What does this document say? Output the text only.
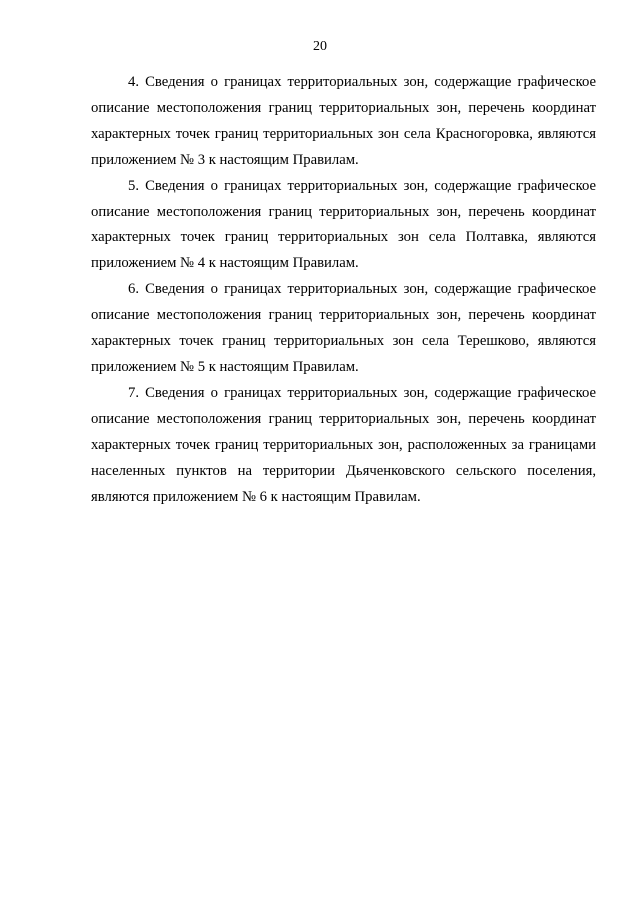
20

4. Сведения о границах территориальных зон, содержащие графическое описание местоположения границ территориальных зон, перечень координат характерных точек границ территориальных зон села Красногоровка, являются приложением № 3 к настоящим Правилам.

5. Сведения о границах территориальных зон, содержащие графическое описание местоположения границ территориальных зон, перечень координат характерных точек границ территориальных зон села Полтавка, являются приложением № 4 к настоящим Правилам.

6. Сведения о границах территориальных зон, содержащие графическое описание местоположения границ территориальных зон, перечень координат характерных точек границ территориальных зон села Терешково, являются приложением № 5 к настоящим Правилам.

7. Сведения о границах территориальных зон, содержащие графическое описание местоположения границ территориальных зон, перечень координат характерных точек границ территориальных зон, расположенных за границами населенных пунктов на территории Дьяченковского сельского поселения, являются приложением № 6 к настоящим Правилам.
